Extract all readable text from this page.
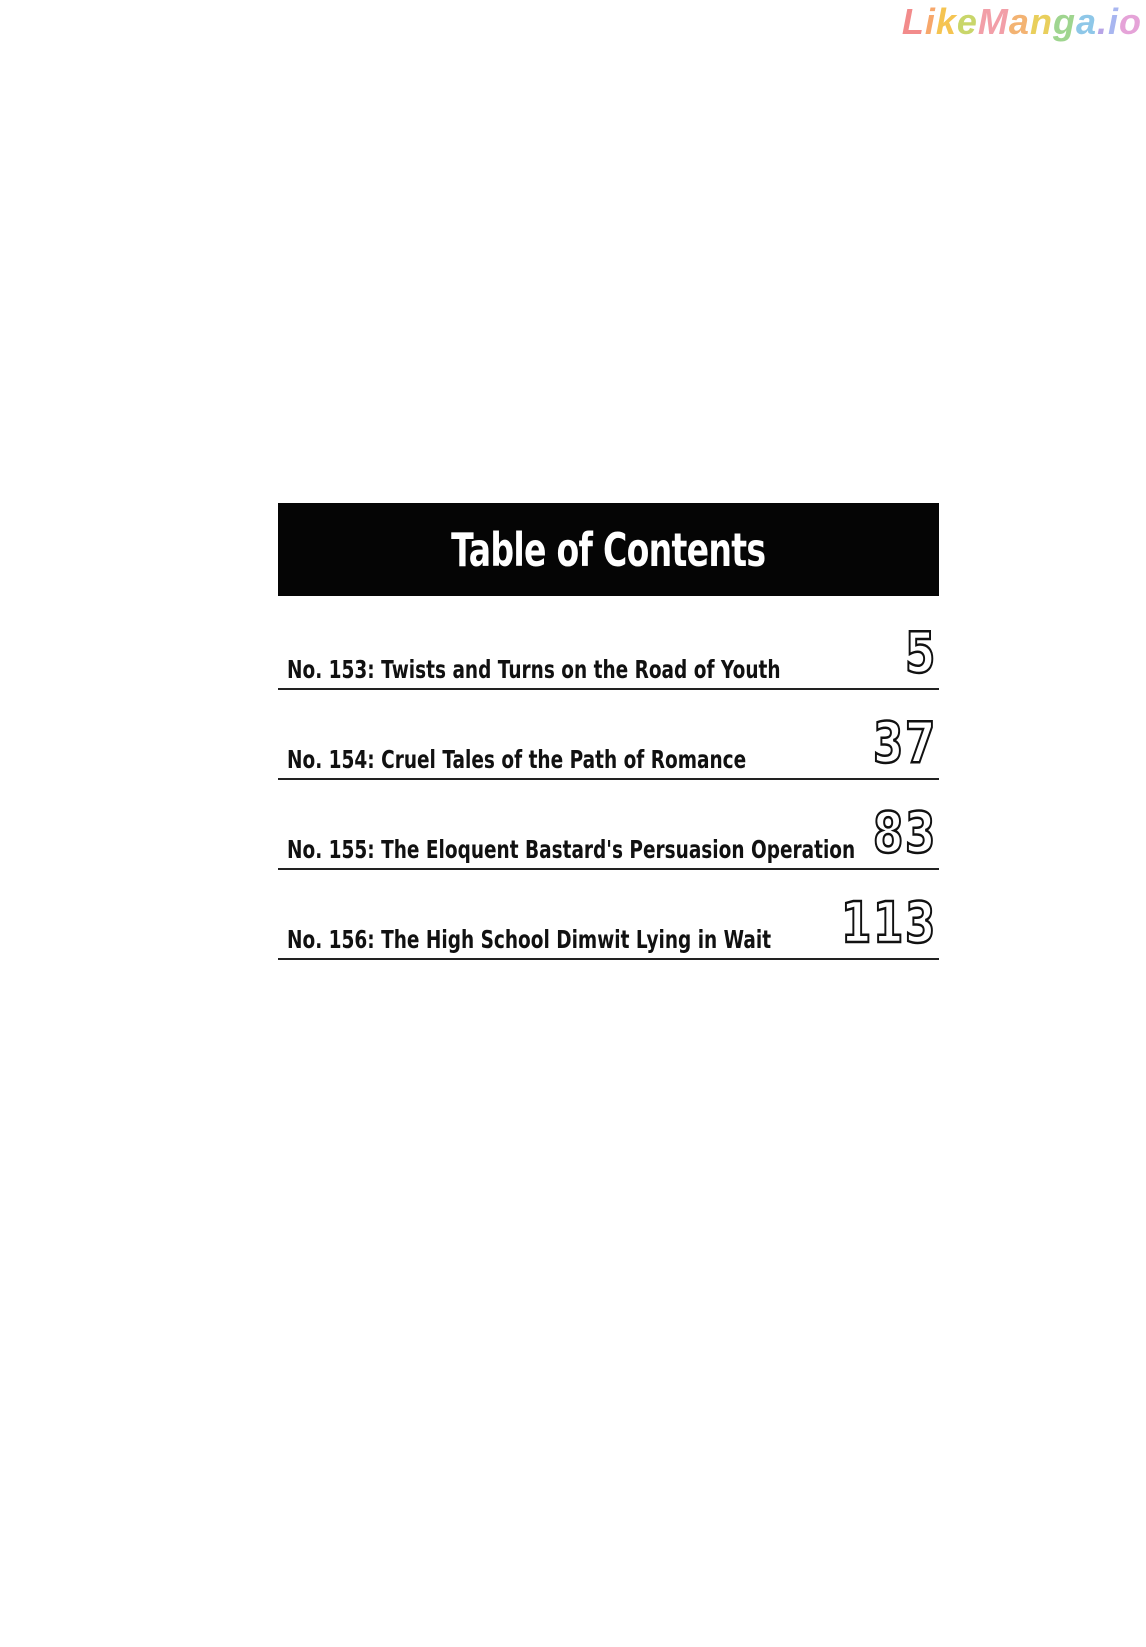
LikeManga.io
Table of Contents
No. 153: Twists and Turns on the Road of Youth 5
No. 154: Cruel Tales of the Path of Romance 37
No. 155: The Eloquent Bastard's Persuasion Operation 83
No. 156: The High School Dimwit Lying in Wait 113
